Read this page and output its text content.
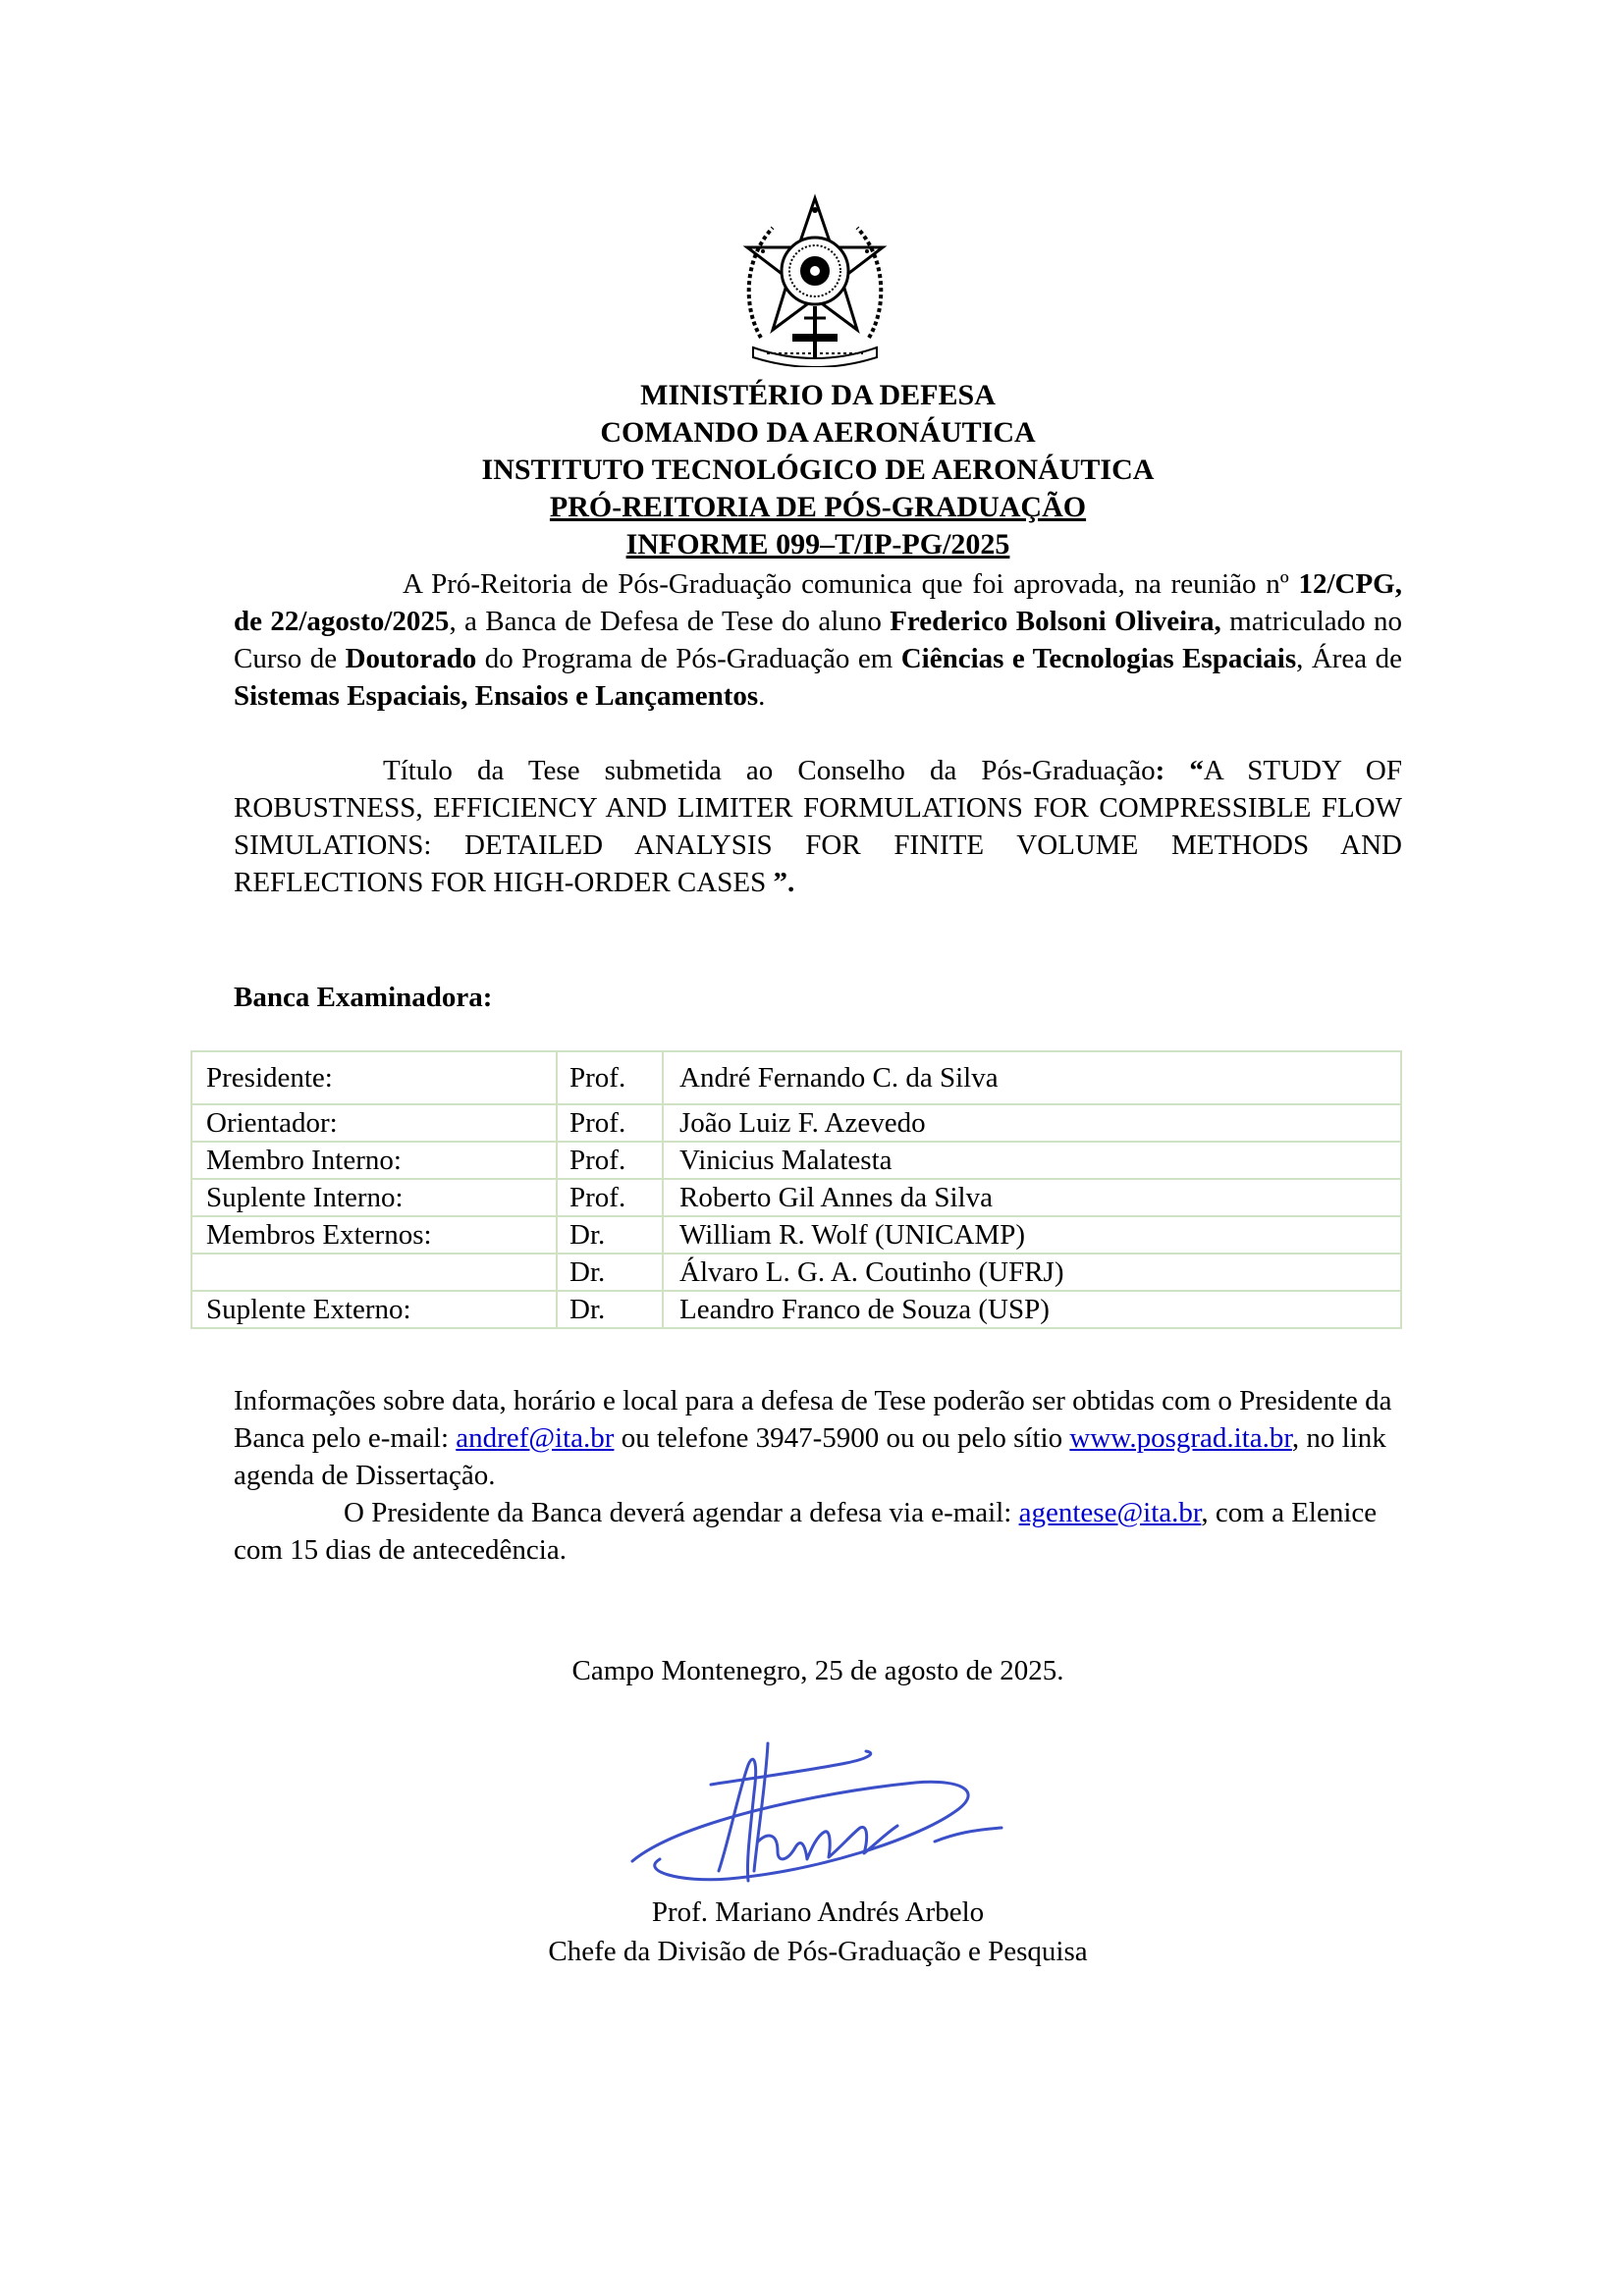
MINISTÉRIO DA DEFESA
COMANDO DA AERONÁUTICA
INSTITUTO TECNOLÓGICO DE AERONÁUTICA
PRÓ-REITORIA DE PÓS-GRADUAÇÃO
INFORME 099–T/IP-PG/2025
A Pró-Reitoria de Pós-Graduação comunica que foi aprovada, na reunião nº 12/CPG, de 22/agosto/2025, a Banca de Defesa de Tese do aluno Frederico Bolsoni Oliveira, matriculado no Curso de Doutorado do Programa de Pós-Graduação em Ciências e Tecnologias Espaciais, Área de Sistemas Espaciais, Ensaios e Lançamentos.
Título da Tese submetida ao Conselho da Pós-Graduação: “A STUDY OF ROBUSTNESS, EFFICIENCY AND LIMITER FORMULATIONS FOR COMPRESSIBLE FLOW SIMULATIONS: DETAILED ANALYSIS FOR FINITE VOLUME METHODS AND REFLECTIONS FOR HIGH-ORDER CASES ”.
Banca Examinadora:
Presidente:	Prof.	André Fernando C. da Silva
Orientador:	Prof.	João Luiz F. Azevedo
Membro Interno:	Prof.	Vinicius Malatesta
Suplente Interno:	Prof.	Roberto Gil Annes da Silva
Membros Externos:	Dr.	William R. Wolf (UNICAMP)
	Dr.	Álvaro L. G. A. Coutinho (UFRJ)
Suplente Externo:	Dr.	Leandro Franco de Souza (USP)
Informações sobre data, horário e local para a defesa de Tese poderão ser obtidas com o Presidente da Banca pelo e-mail: andref@ita.br ou telefone 3947-5900 ou ou pelo sítio www.posgrad.ita.br, no link agenda de Dissertação.
O Presidente da Banca deverá agendar a defesa via e-mail: agentese@ita.br, com a Elenice com 15 dias de antecedência.
Campo Montenegro, 25 de agosto de 2025.
Prof. Mariano Andrés Arbelo
Chefe da Divisão de Pós-Graduação e Pesquisa
